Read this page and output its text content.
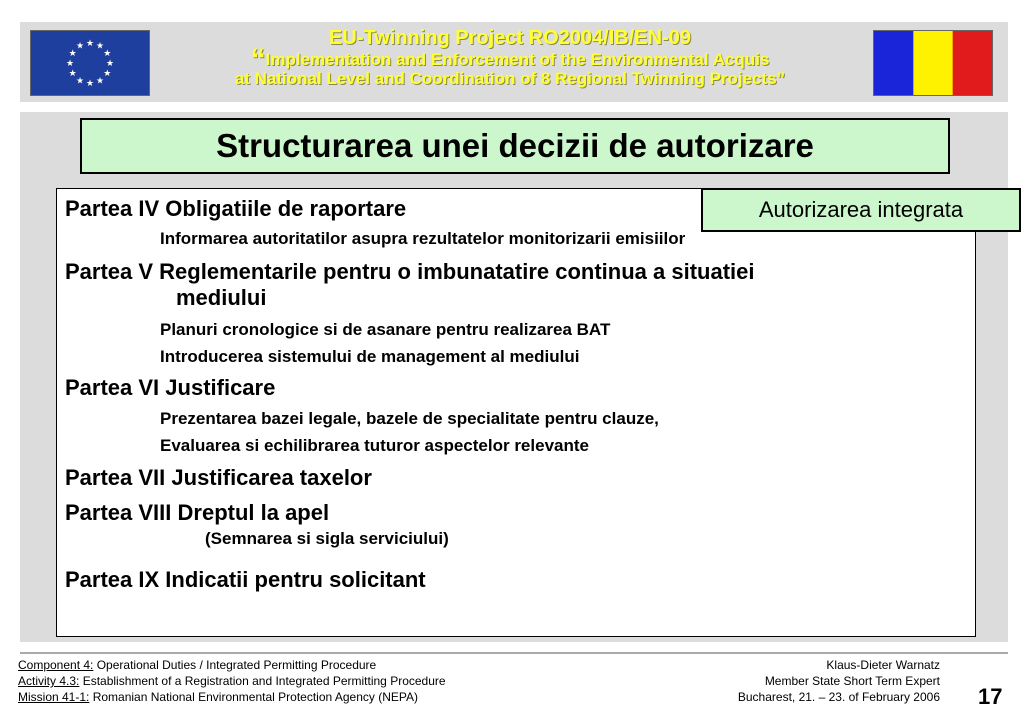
★ ★
★
★
★
★
★
★
★
★
★
★	EU-Twinning Project RO2004/IB/EN-09
“Implementation and Enforcement of the Environmental Acquis
at National Level and Coordination of 8 Regional Twinning Projects”
Structurarea unei decizii de autorizare
Partea IV Obligatiile de raportare
Informarea autoritatilor asupra rezultatelor monitorizarii emisiilor
Autorizarea integrata
Partea V Reglementarile pentru o imbunatatire continua a situatiei
mediului
Planuri cronologice si de asanare pentru realizarea BAT
Introducerea sistemului de management al mediului
Partea VI Justificare
Prezentarea bazei legale, bazele de specialitate pentru clauze,
Evaluarea si echilibrarea tuturor aspectelor relevante
Partea VII Justificarea taxelor
Partea VIII Dreptul la apel
(Semnarea si sigla serviciului)
Partea IX Indicatii pentru solicitant
Component 4: Operational Duties / Integrated Permitting Procedure
Activity 4.3: Establishment of a Registration and Integrated Permitting Procedure
Mission 41-1: Romanian National Environmental Protection Agency (NEPA)
Klaus-Dieter Warnatz
Member State Short Term Expert
Bucharest, 21. – 23. of February 2006 17
